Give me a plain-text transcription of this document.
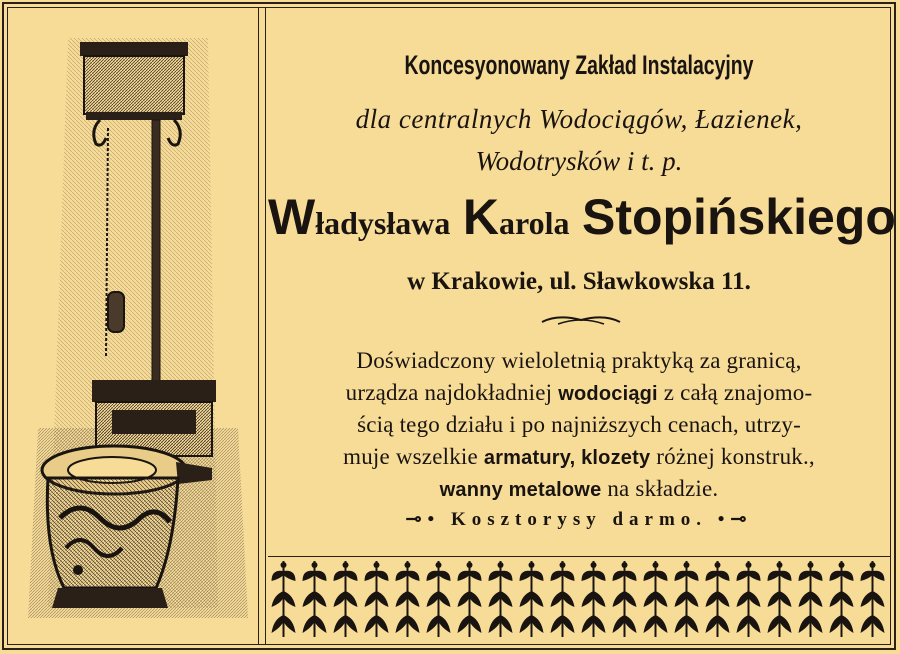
Koncesyonowany Zakład Instalacyjny
dla centralnych Wodociągów, Łazienek,
Wodotrysków i t. p.
Władysława Karola Stopińskiego
w Krakowie, ul. Sławkowska 11.
Doświadczony wieloletnią praktyką za granicą,
urządza najdokładniej wodociągi z całą znajomo-
ścią tego działu i po najniższych cenach, utrzy-
muje wszelkie armatury, klozety różnej konstruk.,
wanny metalowe na składzie.
⊸• Kosztorysy darmo. •⊸
